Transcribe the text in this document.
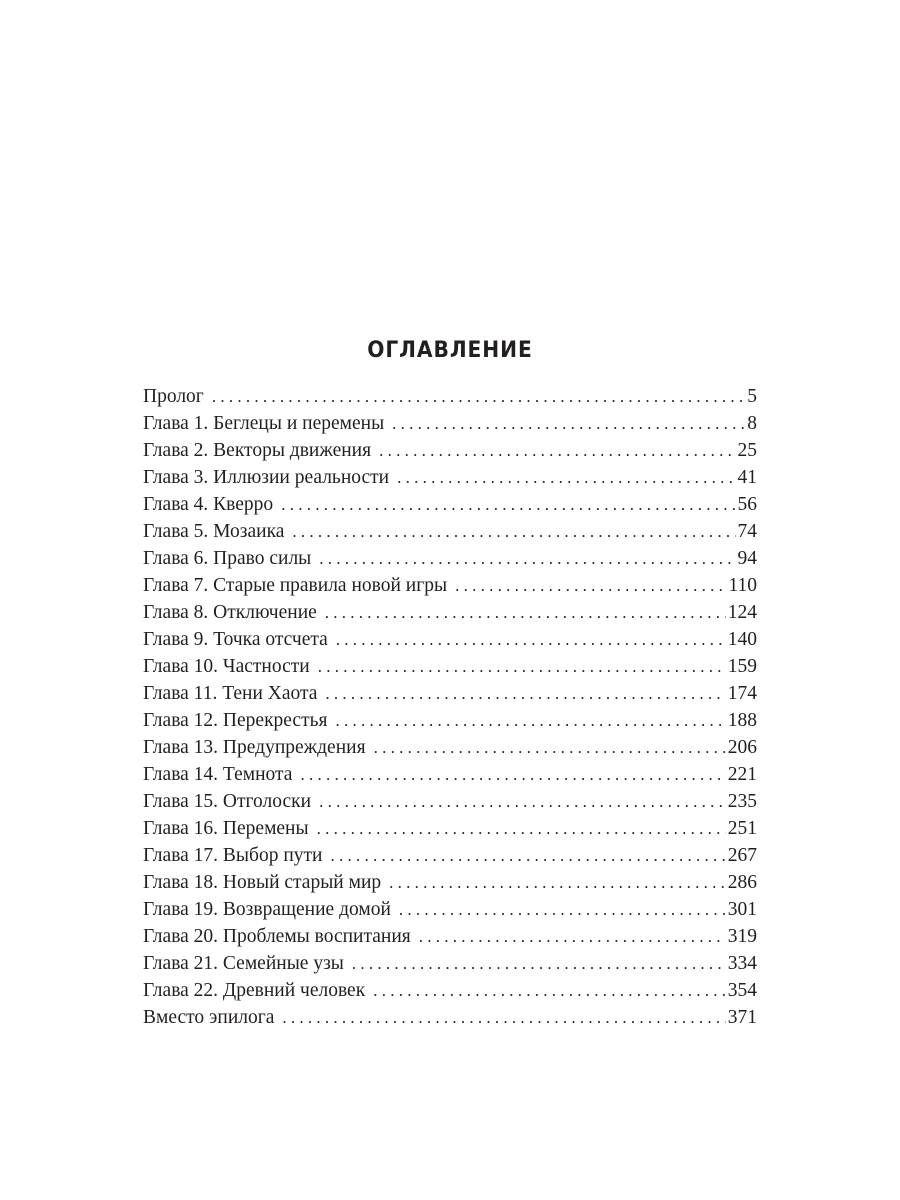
ОГЛАВЛЕНИЕ
Пролог . . .	5
Глава 1. Беглецы и перемены . . .	8
Глава 2. Векторы движения . . .	25
Глава 3. Иллюзии реальности . . .	41
Глава 4. Кверро . . .	56
Глава 5. Мозаика . . .	74
Глава 6. Право силы . . .	94
Глава 7. Старые правила новой игры . . .	110
Глава 8. Отключение . . .	124
Глава 9. Точка отсчета . . .	140
Глава 10. Частности . . .	159
Глава 11. Тени Хаота . . .	174
Глава 12. Перекрестья . . .	188
Глава 13. Предупреждения . . .	206
Глава 14. Темнота . . .	221
Глава 15. Отголоски . . .	235
Глава 16. Перемены . . .	251
Глава 17. Выбор пути . . .	267
Глава 18. Новый старый мир . . .	286
Глава 19. Возвращение домой . . .	301
Глава 20. Проблемы воспитания . . .	319
Глава 21. Семейные узы . . .	334
Глава 22. Древний человек . . .	354
Вместо эпилога . . .	371
